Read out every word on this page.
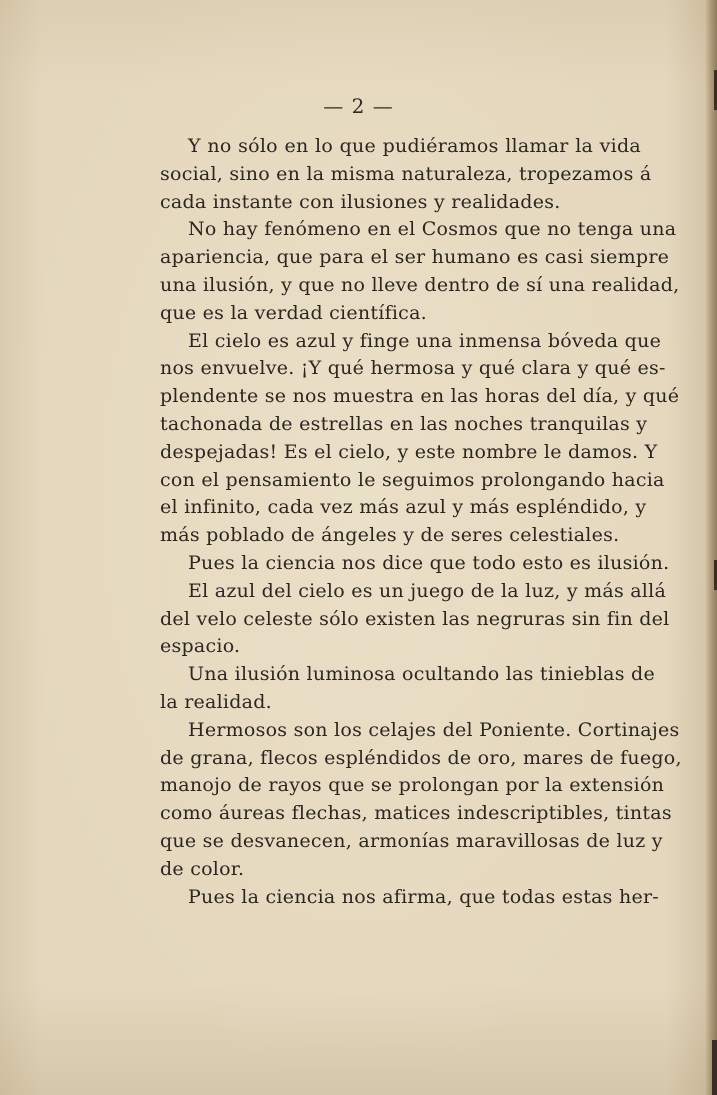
— 2 —

Y no sólo en lo que pudiéramos llamar la vida
social, sino en la misma naturaleza, tropezamos á
cada instante con ilusiones y realidades.

No hay fenómeno en el Cosmos que no tenga una
apariencia, que para el ser humano es casi siempre
una ilusión, y que no lleve dentro de sí una realidad,
que es la verdad científica.

El cielo es azul y finge una inmensa bóveda que
nos envuelve. ¡Y qué hermosa y qué clara y qué es-
plendente se nos muestra en las horas del día, y qué
tachonada de estrellas en las noches tranquilas y
despejadas! Es el cielo, y este nombre le damos. Y
con el pensamiento le seguimos prolongando hacia
el infinito, cada vez más azul y más espléndido, y
más poblado de ángeles y de seres celestiales.

Pues la ciencia nos dice que todo esto es ilusión.

El azul del cielo es un juego de la luz, y más allá
del velo celeste sólo existen las negruras sin fin del
espacio.

Una ilusión luminosa ocultando las tinieblas de
la realidad.

Hermosos son los celajes del Poniente. Cortinajes
de grana, flecos espléndidos de oro, mares de fuego,
manojo de rayos que se prolongan por la extensión
como áureas flechas, matices indescriptibles, tintas
que se desvanecen, armonías maravillosas de luz y
de color.

Pues la ciencia nos afirma, que todas estas her-
